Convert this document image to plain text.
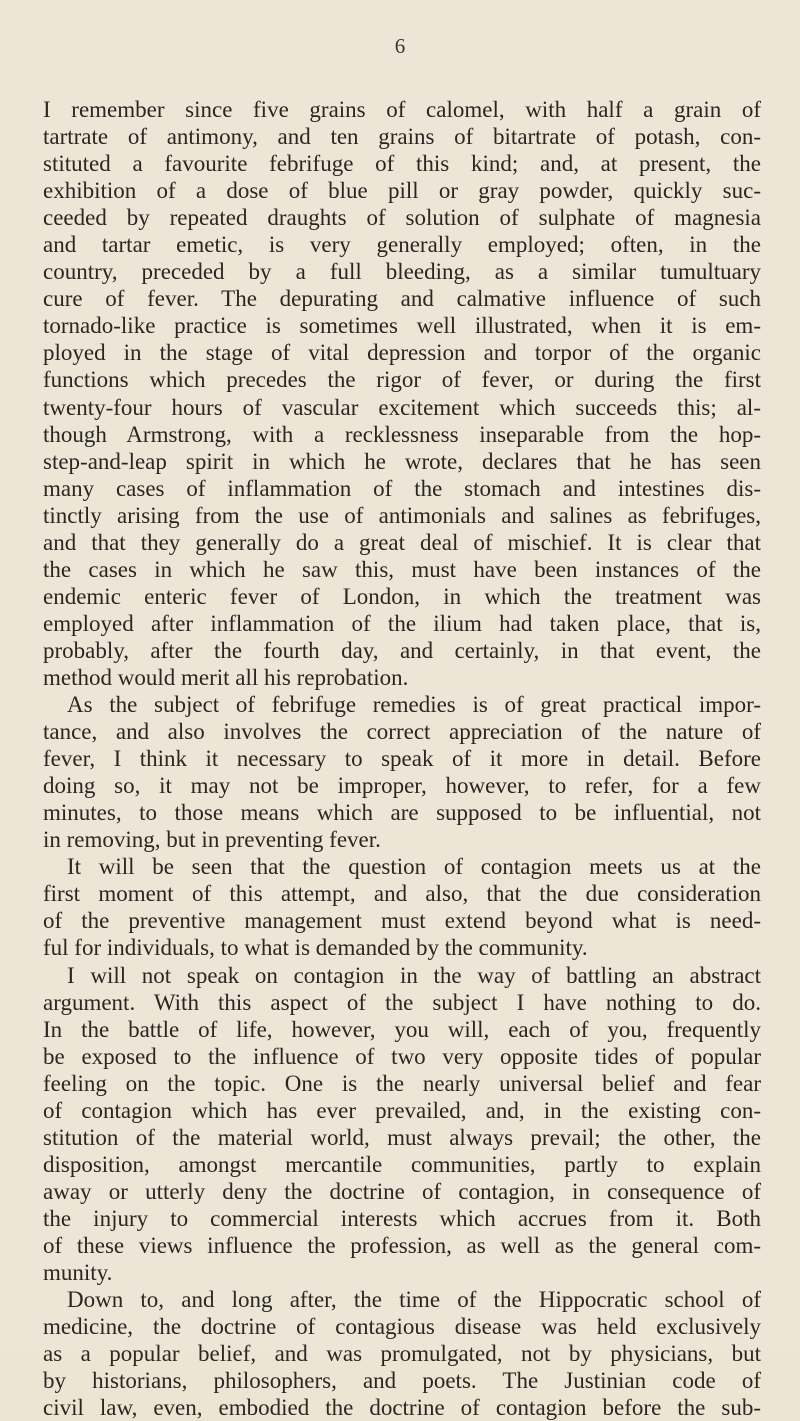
6
I remember since five grains of calomel, with half a grain of
tartrate of antimony, and ten grains of bitartrate of potash, con-
stituted a favourite febrifuge of this kind; and, at present, the
exhibition of a dose of blue pill or gray powder, quickly suc-
ceeded by repeated draughts of solution of sulphate of magnesia
and tartar emetic, is very generally employed; often, in the
country, preceded by a full bleeding, as a similar tumultuary
cure of fever. The depurating and calmative influence of such
tornado-like practice is sometimes well illustrated, when it is em-
ployed in the stage of vital depression and torpor of the organic
functions which precedes the rigor of fever, or during the first
twenty-four hours of vascular excitement which succeeds this; al-
though Armstrong, with a recklessness inseparable from the hop-
step-and-leap spirit in which he wrote, declares that he has seen
many cases of inflammation of the stomach and intestines dis-
tinctly arising from the use of antimonials and salines as febrifuges,
and that they generally do a great deal of mischief. It is clear that
the cases in which he saw this, must have been instances of the
endemic enteric fever of London, in which the treatment was
employed after inflammation of the ilium had taken place, that is,
probably, after the fourth day, and certainly, in that event, the
method would merit all his reprobation.
As the subject of febrifuge remedies is of great practical impor-
tance, and also involves the correct appreciation of the nature of
fever, I think it necessary to speak of it more in detail. Before
doing so, it may not be improper, however, to refer, for a few
minutes, to those means which are supposed to be influential, not
in removing, but in preventing fever.
It will be seen that the question of contagion meets us at the
first moment of this attempt, and also, that the due consideration
of the preventive management must extend beyond what is need-
ful for individuals, to what is demanded by the community.
I will not speak on contagion in the way of battling an abstract
argument. With this aspect of the subject I have nothing to do.
In the battle of life, however, you will, each of you, frequently
be exposed to the influence of two very opposite tides of popular
feeling on the topic. One is the nearly universal belief and fear
of contagion which has ever prevailed, and, in the existing con-
stitution of the material world, must always prevail; the other, the
disposition, amongst mercantile communities, partly to explain
away or utterly deny the doctrine of contagion, in consequence of
the injury to commercial interests which accrues from it. Both
of these views influence the profession, as well as the general com-
munity.
Down to, and long after, the time of the Hippocratic school of
medicine, the doctrine of contagious disease was held exclusively
as a popular belief, and was promulgated, not by physicians, but
by historians, philosophers, and poets. The Justinian code of
civil law, even, embodied the doctrine of contagion before the sub-
